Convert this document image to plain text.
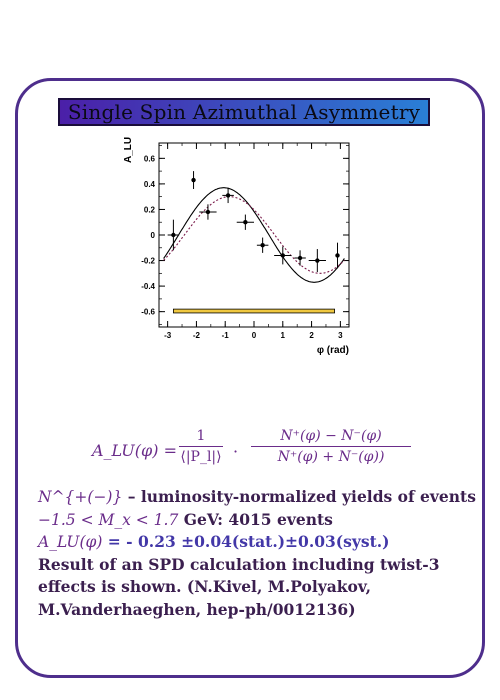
Single Spin Azimuthal Asymmetry
-0.6
-0.4
-0.2
0
0.2
0.4
0.6
-3	-2	-1	0	1	2	3
φ (rad)
A_LU
A_LU(φ) = $\frac{1}{⟨|P\_l|⟩} \cdot \frac{N^+(\varphi) - N^-(\varphi)}{N^+(\varphi) + N^-(\varphi))}$
N^{+(−)} – luminosity-normalized yields of events
−1.5 < M_x < 1.7 GeV: 4015 events
A_LU(φ) = - 0.23 ±0.04(stat.)±0.03(syst.)
Result of an SPD calculation including twist-3
effects is shown. (N.Kivel, M.Polyakov,
M.Vanderhaeghen, hep-ph/0012136)
